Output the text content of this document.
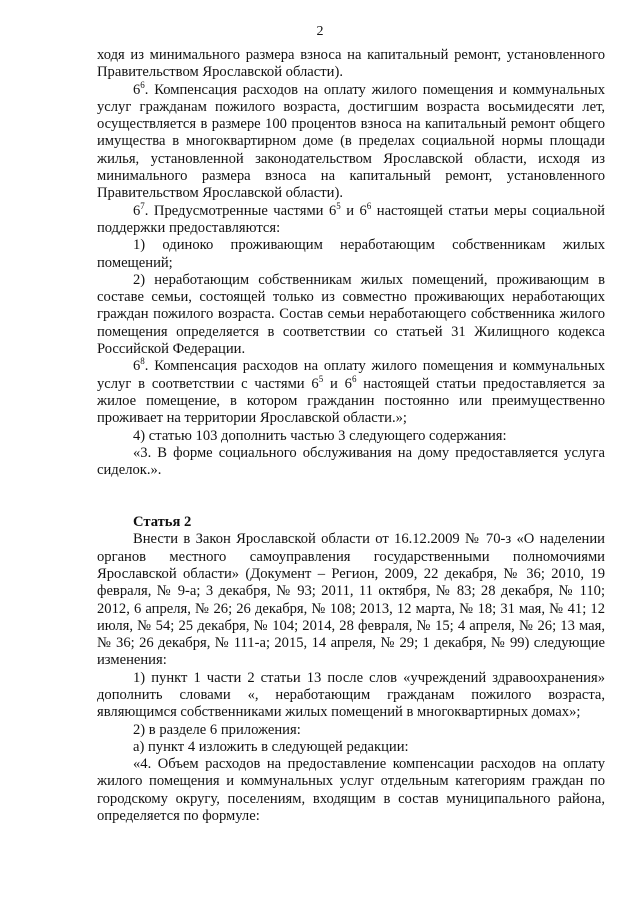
2

ходя из минимального размера взноса на капитальный ремонт, установленного Правительством Ярославской области).

$6^6$. Компенсация расходов на оплату жилого помещения и коммунальных услуг гражданам пожилого возраста, достигшим возраста восьмидесяти лет, осуществляется в размере 100 процентов взноса на капитальный ремонт общего имущества в многоквартирном доме (в пределах социальной нормы площади жилья, установленной законодательством Ярославской области, исходя из минимального размера взноса на капитальный ремонт, установленного Правительством Ярославской области).

$6^7$. Предусмотренные частями $6^5$ и $6^6$ настоящей статьи меры социальной поддержки предоставляются:

1) одиноко проживающим неработающим собственникам жилых помещений;

2) неработающим собственникам жилых помещений, проживающим в составе семьи, состоящей только из совместно проживающих неработающих граждан пожилого возраста. Состав семьи неработающего собственника жилого помещения определяется в соответствии со статьей 31 Жилищного кодекса Российской Федерации.

$6^8$. Компенсация расходов на оплату жилого помещения и коммунальных услуг в соответствии с частями $6^5$ и $6^6$ настоящей статьи предоставляется за жилое помещение, в котором гражданин постоянно или преимущественно проживает на территории Ярославской области.»;

4) статью 103 дополнить частью 3 следующего содержания:

«3. В форме социального обслуживания на дому предоставляется услуга сиделок.».

Статья 2

Внести в Закон Ярославской области от 16.12.2009 № 70-з «О наделении органов местного самоуправления государственными полномочиями Ярославской области» (Документ – Регион, 2009, 22 декабря, № 36; 2010, 19 февраля, № 9-а; 3 декабря, № 93; 2011, 11 октября, № 83; 28 декабря, № 110; 2012, 6 апреля, № 26; 26 декабря, № 108; 2013, 12 марта, № 18; 31 мая, № 41; 12 июля, № 54; 25 декабря, № 104; 2014, 28 февраля, № 15; 4 апреля, № 26; 13 мая, № 36; 26 декабря, № 111-а; 2015, 14 апреля, № 29; 1 декабря, № 99) следующие изменения:

1) пункт 1 части 2 статьи 13 после слов «учреждений здравоохранения» дополнить словами «, неработающим гражданам пожилого возраста, являющимся собственниками жилых помещений в многоквартирных домах»;

2) в разделе 6 приложения:

а) пункт 4 изложить в следующей редакции:

«4. Объем расходов на предоставление компенсации расходов на оплату жилого помещения и коммунальных услуг отдельным категориям граждан по городскому округу, поселениям, входящим в состав муниципального района, определяется по формуле:
